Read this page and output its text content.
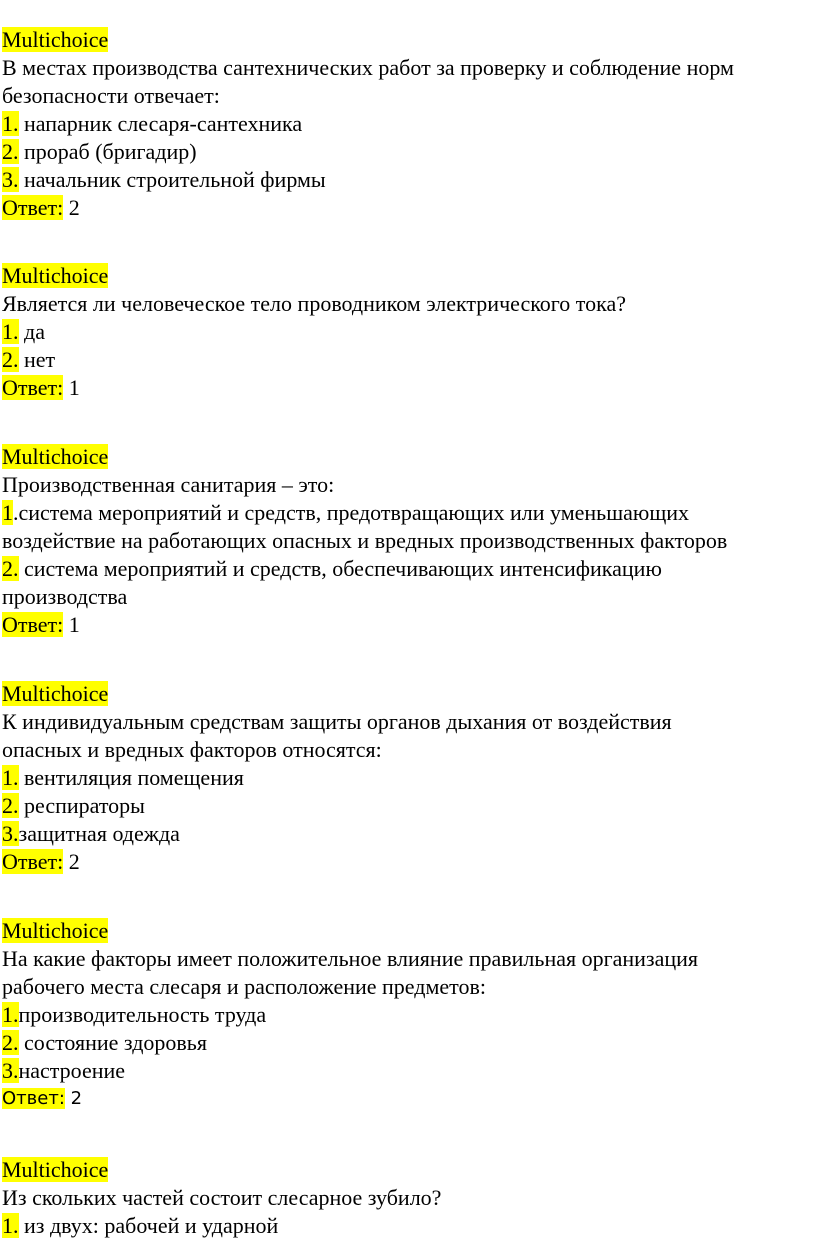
Multichoice

В местах производства сантехнических работ за проверку и соблюдение норм

безопасности отвечает:

1. напарник слесаря-сантехника

2. прораб (бригадир)

3. начальник строительной фирмы

Ответ: 2

Multichoice

Является ли человеческое тело проводником электрического тока?

1. да

2. нет

Ответ: 1

Multichoice

Производственная санитария – это:

1.система мероприятий и средств, предотвращающих или уменьшающих

воздействие на работающих опасных и вредных производственных факторов

2. система мероприятий и средств, обеспечивающих интенсификацию

производства

Ответ: 1

Multichoice

К индивидуальным средствам защиты органов дыхания от воздействия

опасных и вредных факторов относятся:

1. вентиляция помещения

2. респираторы

3.защитная одежда

Ответ: 2

Multichoice

На какие факторы имеет положительное влияние правильная организация

рабочего места слесаря и расположение предметов:

1.производительность труда

2. состояние здоровья

3.настроение

Ответ: 2

Multichoice

Из скольких частей состоит слесарное зубило?

1. из двух: рабочей и ударной
